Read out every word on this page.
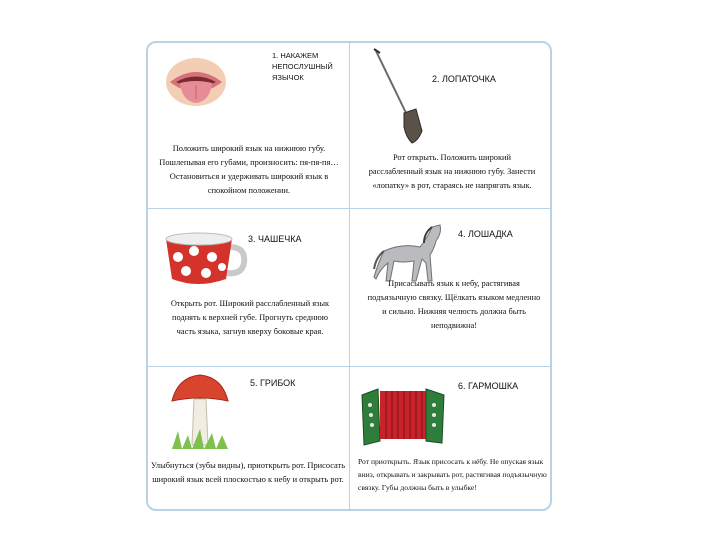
1. НАКАЖЕМ
НЕПОСЛУШНЫЙ
ЯЗЫЧОК
Положить широкий язык на нижнюю губу. Пошлепывая его губами, произносить: пя-пя-пя… Остановиться и удерживать широкий язык в спокойном положении.
2. ЛОПАТОЧКА
Рот открыть. Положить широкий расслабленный язык на нижнюю губу. Занести «лопатку» в рот, стараясь не напрягать язык.
3. ЧАШЕЧКА
Открыть рот. Широкий расслабленный язык поднять к верхней губе. Прогнуть среднюю часть языка, загнув кверху боковые края.
4. ЛОШАДКА
Присасывать язык к небу, растягивая подъязычную связку. Щёлкать языком медленно и сильно. Нижняя челюсть должна быть неподвижна!
5. ГРИБОК
Улыбнуться (зубы видны), приоткрыть рот. Присосать широкий язык всей плоскостью к небу и открыть рот.
6. ГАРМОШКА
Рот приоткрыть. Язык присосать к нёбу. Не опуская язык вниз, открывать и закрывать рот, растягивая подъязычную связку. Губы должны быть в улыбке!
